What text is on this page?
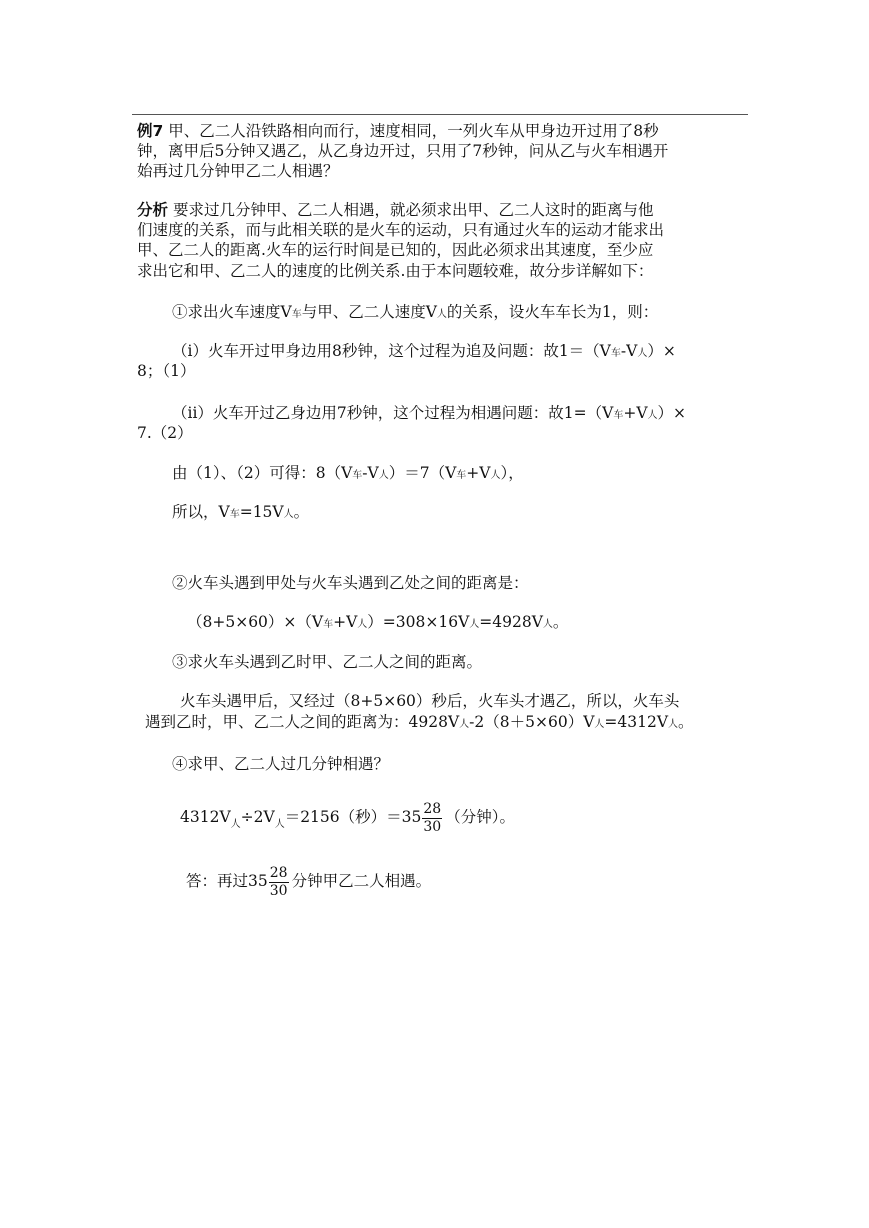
例7 甲、乙二人沿铁路相向而行，速度相同，一列火车从甲身边开过用了8秒
钟，离甲后5分钟又遇乙，从乙身边开过，只用了7秒钟，问从乙与火车相遇开
始再过几分钟甲乙二人相遇？
分析 要求过几分钟甲、乙二人相遇，就必须求出甲、乙二人这时的距离与他
们速度的关系，而与此相关联的是火车的运动，只有通过火车的运动才能求出
甲、乙二人的距离.火车的运行时间是已知的，因此必须求出其速度，至少应
求出它和甲、乙二人的速度的比例关系.由于本问题较难，故分步详解如下：
①求出火车速度V车与甲、乙二人速度V人的关系，设火车车长为1，则：
（i）火车开过甲身边用8秒钟，这个过程为追及问题：故1＝（V车-V人）×
8；（1）
（ii）火车开过乙身边用7秒钟，这个过程为相遇问题：故1=（V车+V人）×
7.（2）
由（1）、（2）可得：8（V车-V人）＝7（V车+V人），
所以，V车=15V人。
②火车头遇到甲处与火车头遇到乙处之间的距离是：
（8+5×60）×（V车+V人）=308×16V人=4928V人。
③求火车头遇到乙时甲、乙二人之间的距离。
火车头遇甲后，又经过（8+5×60）秒后，火车头才遇乙，所以，火车头
遇到乙时，甲、乙二人之间的距离为：4928V人-2（8＋5×60）V人=4312V人。
④求甲、乙二人过几分钟相遇？
$4312V_人\div 2V_人=2156$（秒）$=35 \frac{28}{30}$ （分钟）。
答：再过$35 \frac{28}{30}$ 分钟甲乙二人相遇。
